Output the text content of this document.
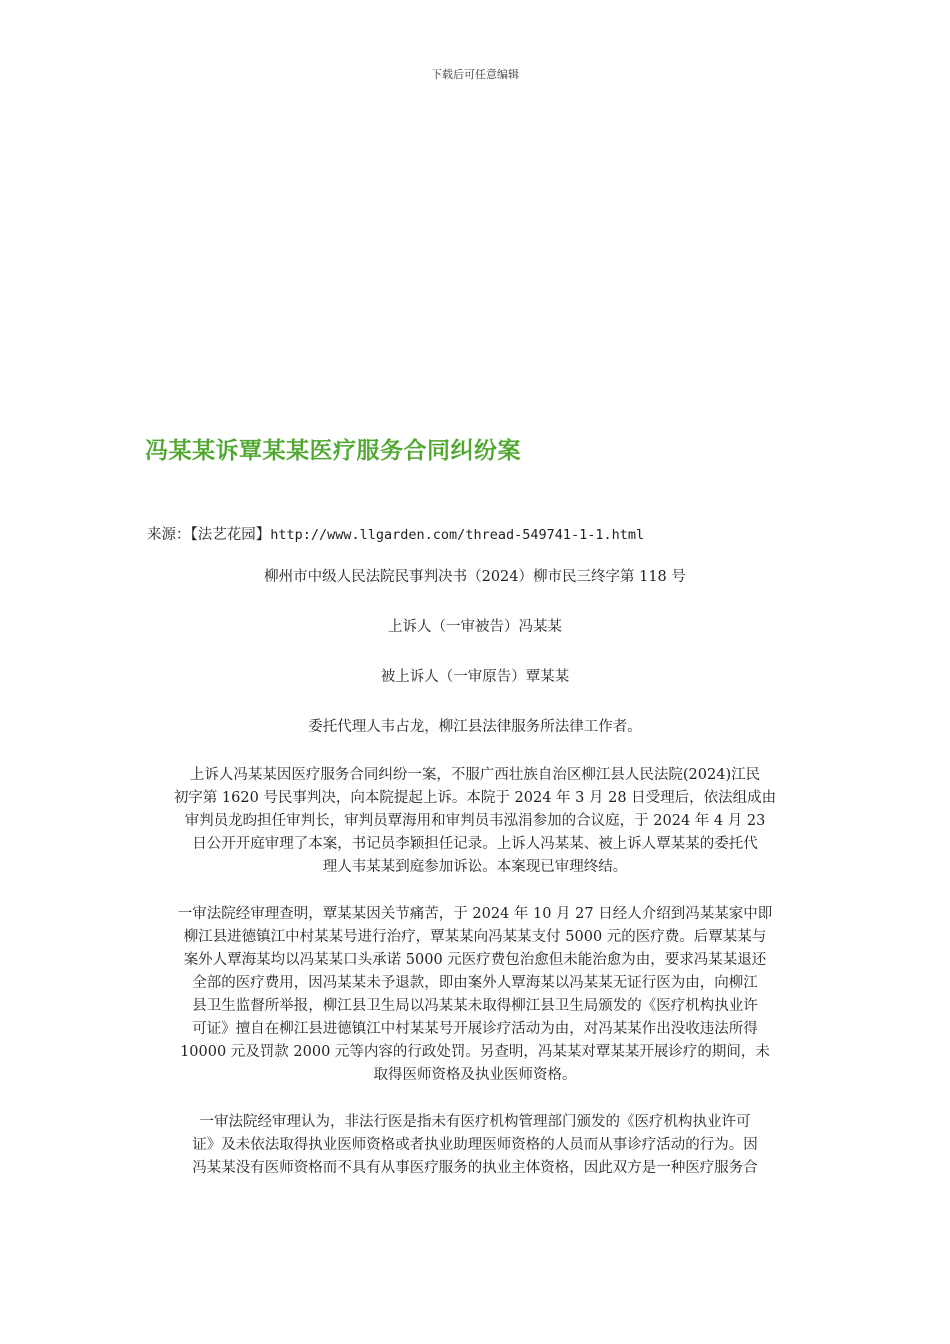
下载后可任意编辑
冯某某诉覃某某医疗服务合同纠纷案
来源：【法艺花园】http://www.llgarden.com/thread-549741-1-1.html
柳州市中级人民法院民事判决书（2024）柳市民三终字第 118 号
上诉人（一审被告）冯某某
被上诉人（一审原告）覃某某
委托代理人韦占龙，柳江县法律服务所法律工作者。
上诉人冯某某因医疗服务合同纠纷一案，不服广西壮族自治区柳江县人民法院(2024)江民
初字第 1620 号民事判决，向本院提起上诉。本院于 2024 年 3 月 28 日受理后，依法组成由
审判员龙昀担任审判长，审判员覃海用和审判员韦泓涓参加的合议庭，于 2024 年 4 月 23
日公开开庭审理了本案，书记员李颖担任记录。上诉人冯某某、被上诉人覃某某的委托代
理人韦某某到庭参加诉讼。本案现已审理终结。
一审法院经审理查明，覃某某因关节痛苦，于 2024 年 10 月 27 日经人介绍到冯某某家中即
柳江县进德镇江中村某某号进行治疗，覃某某向冯某某支付 5000 元的医疗费。后覃某某与
案外人覃海某均以冯某某口头承诺 5000 元医疗费包治愈但未能治愈为由，要求冯某某退还
全部的医疗费用，因冯某某未予退款，即由案外人覃海某以冯某某无证行医为由，向柳江
县卫生监督所举报，柳江县卫生局以冯某某未取得柳江县卫生局颁发的《医疗机构执业许
可证》擅自在柳江县进德镇江中村某某号开展诊疗活动为由，对冯某某作出没收违法所得
10000 元及罚款 2000 元等内容的行政处罚。另查明，冯某某对覃某某开展诊疗的期间，未
取得医师资格及执业医师资格。
一审法院经审理认为，非法行医是指未有医疗机构管理部门颁发的《医疗机构执业许可
证》及未依法取得执业医师资格或者执业助理医师资格的人员而从事诊疗活动的行为。因
冯某某没有医师资格而不具有从事医疗服务的执业主体资格，因此双方是一种医疗服务合
